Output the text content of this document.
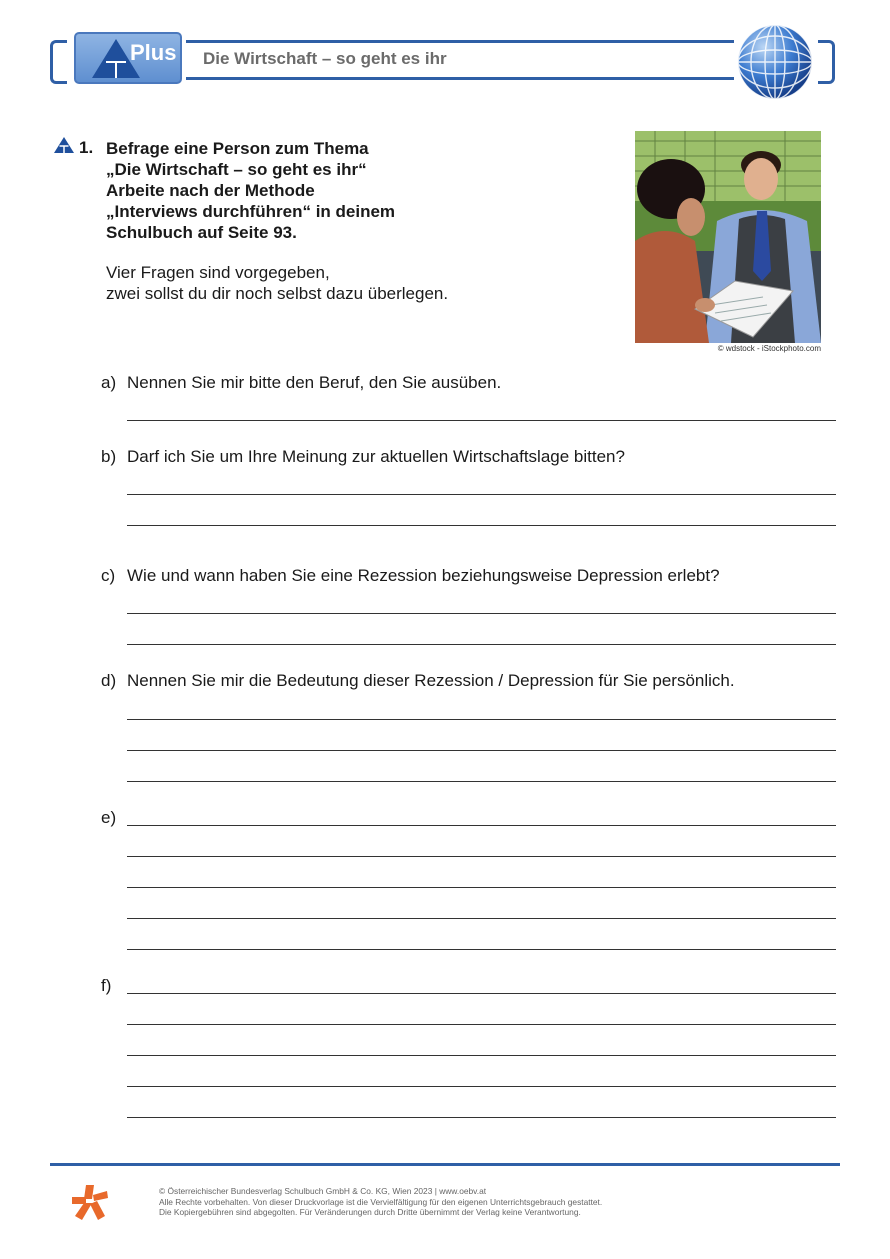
Plus Die Wirtschaft – so geht es ihr
1. Befrage eine Person zum Thema
„Die Wirtschaft – so geht es ihr“
Arbeite nach der Methode
„Interviews durchführen“ in deinem
Schulbuch auf Seite 93.
Vier Fragen sind vorgegeben,
zwei sollst du dir noch selbst dazu überlegen.
© wdstock - iStockphoto.com
a) Nennen Sie mir bitte den Beruf, den Sie ausüben.
b) Darf ich Sie um Ihre Meinung zur aktuellen Wirtschaftslage bitten?
c) Wie und wann haben Sie eine Rezession beziehungsweise Depression erlebt?
d) Nennen Sie mir die Bedeutung dieser Rezession / Depression für Sie persönlich.
e)
f)
© Österreichischer Bundesverlag Schulbuch GmbH & Co. KG, Wien 2023 | www.oebv.at
Alle Rechte vorbehalten. Von dieser Druckvorlage ist die Vervielfältigung für den eigenen Unterrichtsgebrauch gestattet.
Die Kopiergebühren sind abgegolten. Für Veränderungen durch Dritte übernimmt der Verlag keine Verantwortung.
